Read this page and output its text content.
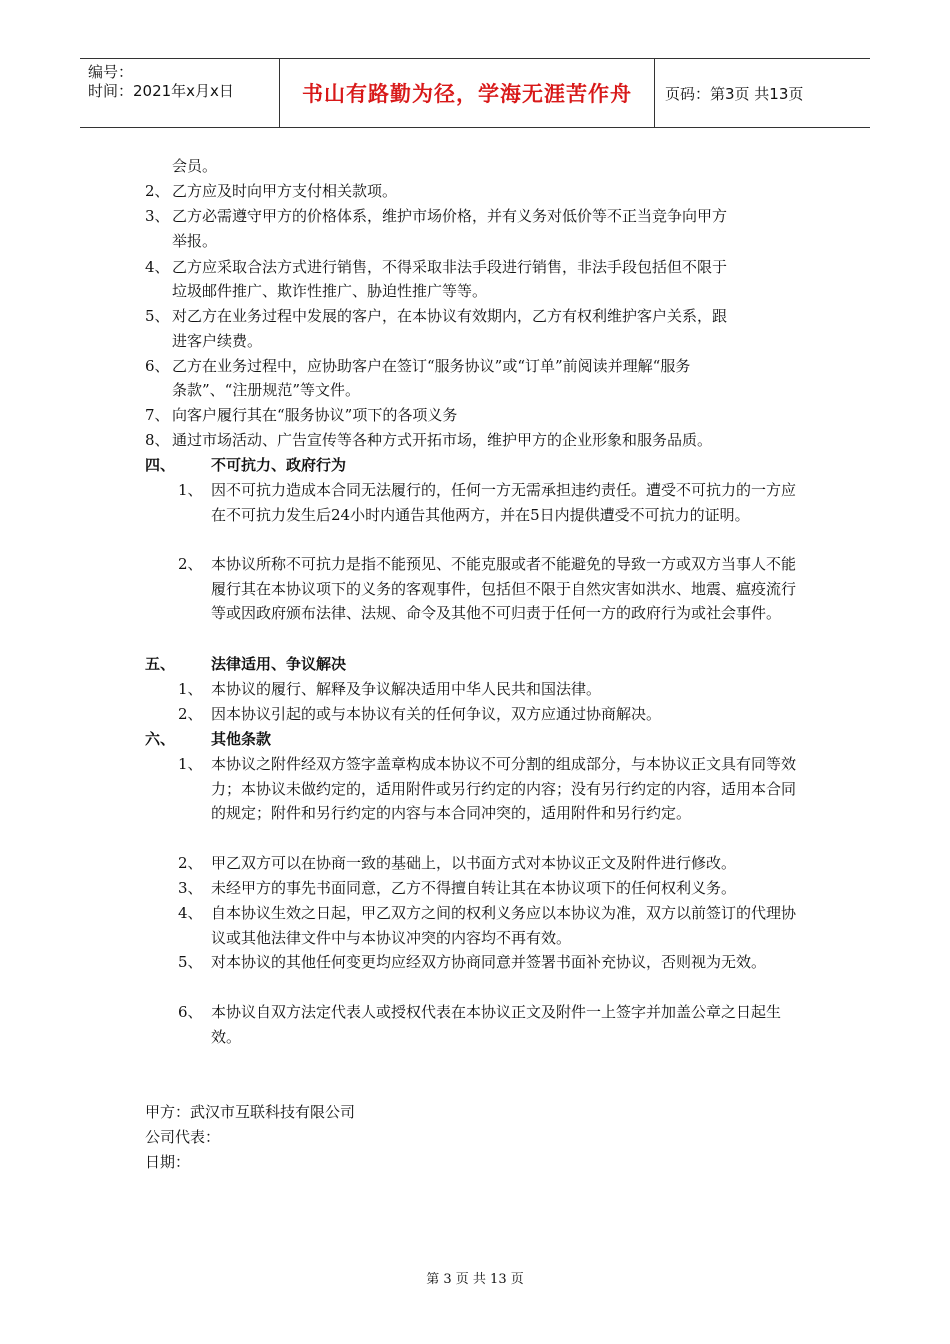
编号：
时间：2021年x月x日	书山有路勤为径，学海无涯苦作舟	页码：第3页 共13页
会员。
2、 乙方应及时向甲方支付相关款项。
3、 乙方必需遵守甲方的价格体系，维护市场价格，并有义务对低价等不正当竞争向甲方
举报。
4、 乙方应采取合法方式进行销售，不得采取非法手段进行销售，非法手段包括但不限于
垃圾邮件推广、欺诈性推广、胁迫性推广等等。
5、 对乙方在业务过程中发展的客户，在本协议有效期内，乙方有权利维护客户关系，跟
进客户续费。
6、 乙方在业务过程中，应协助客户在签订“服务协议”或“订单”前阅读并理解“服务
条款”、“注册规范”等文件。
7、 向客户履行其在“服务协议”项下的各项义务
8、 通过市场活动、广告宣传等各种方式开拓市场，维护甲方的企业形象和服务品质。
四、 不可抗力、政府行为
1、 因不可抗力造成本合同无法履行的，任何一方无需承担违约责任。遭受不可抗力的一方应在不可抗力发生后24小时内通告其他两方，并在5日内提供遭受不可抗力的证明。
2、 本协议所称不可抗力是指不能预见、不能克服或者不能避免的导致一方或双方当事人不能履行其在本协议项下的义务的客观事件，包括但不限于自然灾害如洪水、地震、瘟疫流行等或因政府颁布法律、法规、命令及其他不可归责于任何一方的政府行为或社会事件。
五、 法律适用、争议解决
1、 本协议的履行、解释及争议解决适用中华人民共和国法律。
2、 因本协议引起的或与本协议有关的任何争议，双方应通过协商解决。
六、 其他条款
1、 本协议之附件经双方签字盖章构成本协议不可分割的组成部分，与本协议正文具有同等效力；本协议未做约定的，适用附件或另行约定的内容；没有另行约定的内容，适用本合同的规定；附件和另行约定的内容与本合同冲突的，适用附件和另行约定。
2、 甲乙双方可以在协商一致的基础上，以书面方式对本协议正文及附件进行修改。
3、 未经甲方的事先书面同意，乙方不得擅自转让其在本协议项下的任何权利义务。
4、 自本协议生效之日起，甲乙双方之间的权利义务应以本协议为准，双方以前签订的代理协议或其他法律文件中与本协议冲突的内容均不再有效。
5、 对本协议的其他任何变更均应经双方协商同意并签署书面补充协议，否则视为无效。
6、 本协议自双方法定代表人或授权代表在本协议正文及附件一上签字并加盖公章之日起生效。
甲方：武汉市互联科技有限公司
公司代表：
日期：
第 3 页 共 13 页
